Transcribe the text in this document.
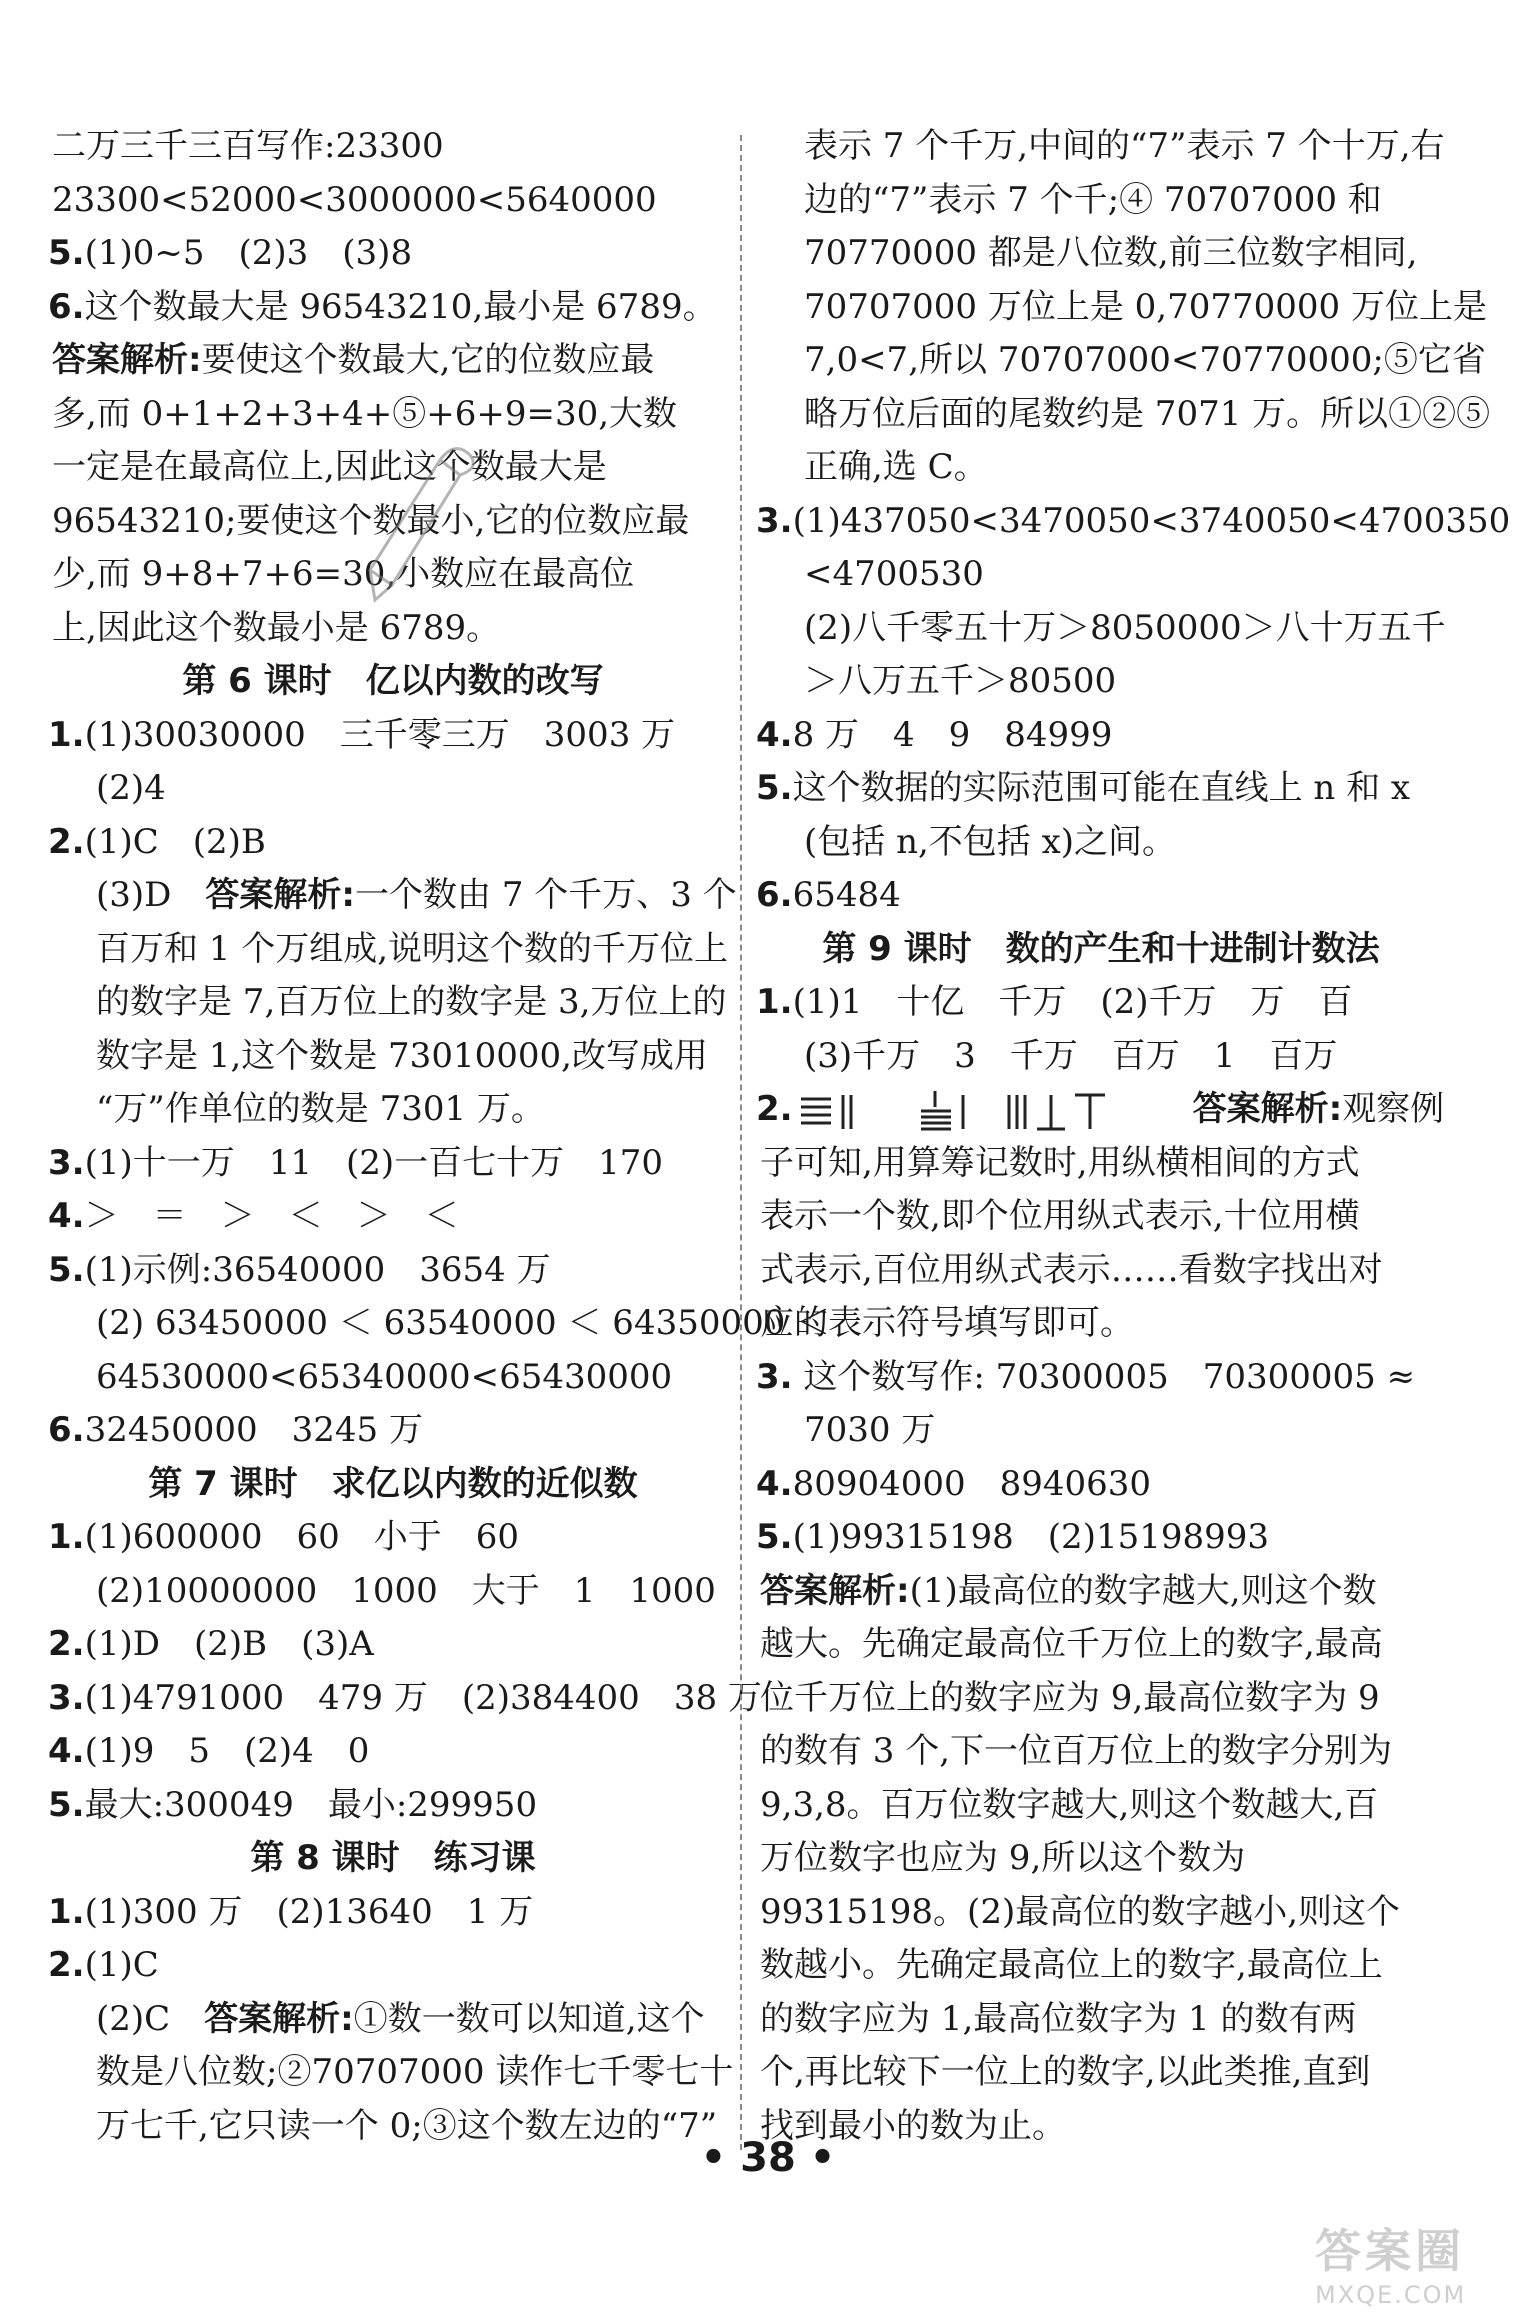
二万三千三百写作:23300
23300<52000<3000000<5640000
5.(1)0~5　(2)3　(3)8
6.这个数最大是 96543210,最小是 6789。
答案解析:要使这个数最大,它的位数应最
多,而 0+1+2+3+4+⑤+6+9=30,大数
一定是在最高位上,因此这个数最大是
96543210;要使这个数最小,它的位数应最
少,而 9+8+7+6=30,小数应在最高位
上,因此这个数最小是 6789。
第 6 课时　亿以内数的改写
1.(1)30030000　三千零三万　3003 万
(2)4
2.(1)C　(2)B
(3)D　答案解析:一个数由 7 个千万、3 个
百万和 1 个万组成,说明这个数的千万位上
的数字是 7,百万位上的数字是 3,万位上的
数字是 1,这个数是 73010000,改写成用
“万”作单位的数是 7301 万。
3.(1)十一万　11　(2)一百七十万　170
4.＞　＝　＞　＜　＞　＜
5.(1)示例:36540000　3654 万
(2) 63450000 ＜ 63540000 ＜ 64350000 ＜
64530000<65340000<65430000
6.32450000　3245 万
第 7 课时　求亿以内数的近似数
1.(1)600000　60　小于　60
(2)10000000　1000　大于　1　1000
2.(1)D　(2)B　(3)A
3.(1)4791000　479 万　(2)384400　38 万
4.(1)9　5　(2)4　0
5.最大:300049　最小:299950
第 8 课时　练习课
1.(1)300 万　(2)13640　1 万
2.(1)C
(2)C　答案解析:①数一数可以知道,这个
数是八位数;②70707000 读作七千零七十
万七千,它只读一个 0;③这个数左边的“7”
表示 7 个千万,中间的“7”表示 7 个十万,右
边的“7”表示 7 个千;④ 70707000 和
70770000 都是八位数,前三位数字相同,
70707000 万位上是 0,70770000 万位上是
7,0<7,所以 70707000<70770000;⑤它省
略万位后面的尾数约是 7071 万。所以①②⑤
正确,选 C。
3.(1)437050<3470050<3740050<4700350
<4700530
(2)八千零五十万＞8050000＞八十万五千
＞八万五千＞80500
4.8 万　4　9　84999
5.这个数据的实际范围可能在直线上 n 和 x
(包括 n,不包括 x)之间。
6.65484
第 9 课时　数的产生和十进制计数法
1.(1)1　十亿　千万　(2)千万　万　百
(3)千万　3　千万　百万　1　百万
2.	答案解析:观察例
子可知,用算筹记数时,用纵横相间的方式
表示一个数,即个位用纵式表示,十位用横
式表示,百位用纵式表示……看数字找出对
应的表示符号填写即可。
3. 这个数写作: 70300005　70300005 ≈
7030 万
4.80904000　8940630
5.(1)99315198　(2)15198993
答案解析:(1)最高位的数字越大,则这个数
越大。先确定最高位千万位上的数字,最高
位千万位上的数字应为 9,最高位数字为 9
的数有 3 个,下一位百万位上的数字分别为
9,3,8。百万位数字越大,则这个数越大,百
万位数字也应为 9,所以这个数为
99315198。(2)最高位的数字越小,则这个
数越小。先确定最高位上的数字,最高位上
的数字应为 1,最高位数字为 1 的数有两
个,再比较下一位上的数字,以此类推,直到
找到最小的数为止。
• 38 •
答案圈
MXQE.COM
